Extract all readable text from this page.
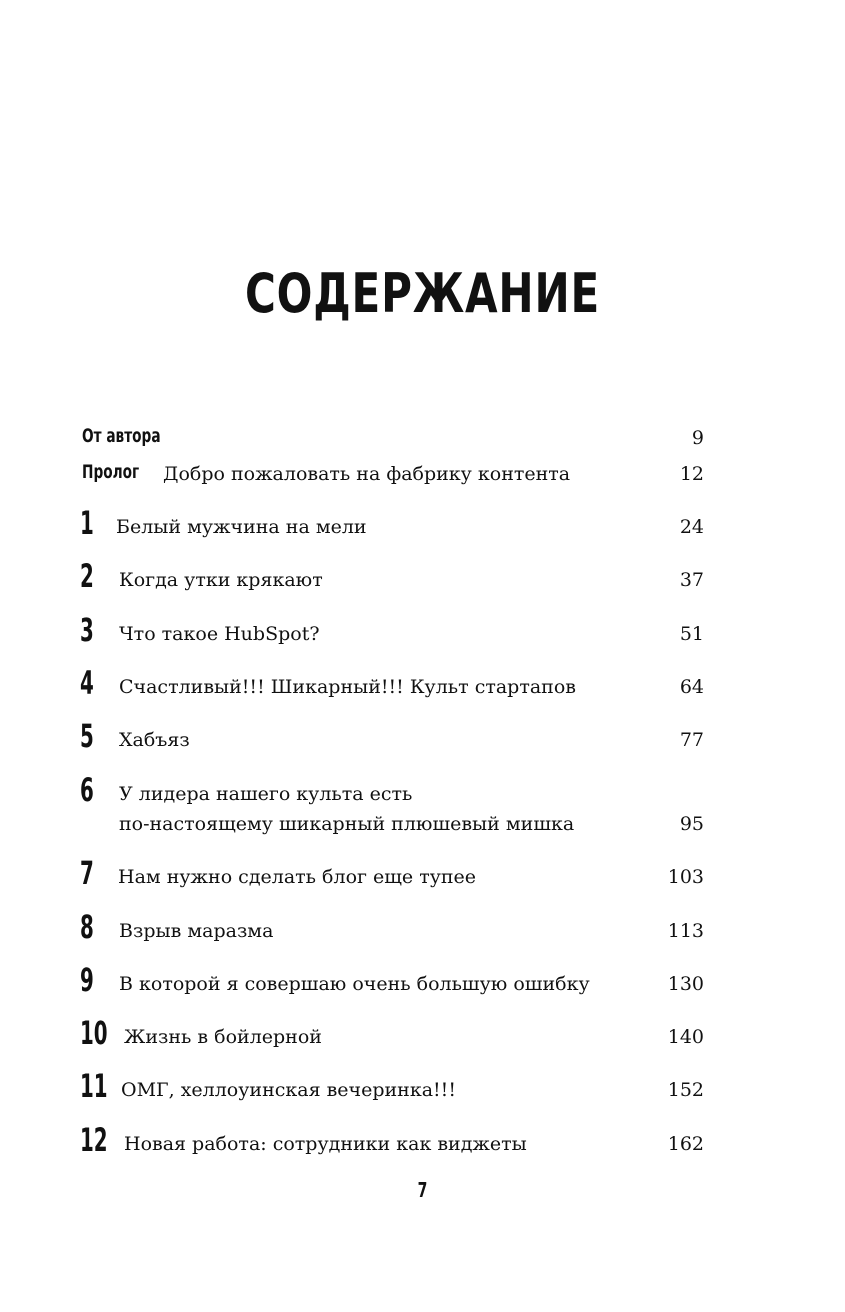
СОДЕРЖАНИЕ
От автора	9
Пролог Добро пожаловать на фабрику контента	12
1 Белый мужчина на мели	24
2 Когда утки крякают	37
3 Что такое HubSpot?	51
4 Счастливый!!! Шикарный!!! Культ стартапов	64
5 Хабъяз	77
6 У лидера нашего культа есть
по-настоящему шикарный плюшевый мишка	95
7 Нам нужно сделать блог еще тупее	103
8 Взрыв маразма	113
9 В которой я совершаю очень большую ошибку	130
10 Жизнь в бойлерной	140
11 ОМГ, хеллоуинская вечеринка!!!	152
12 Новая работа: сотрудники как виджеты	162
7
